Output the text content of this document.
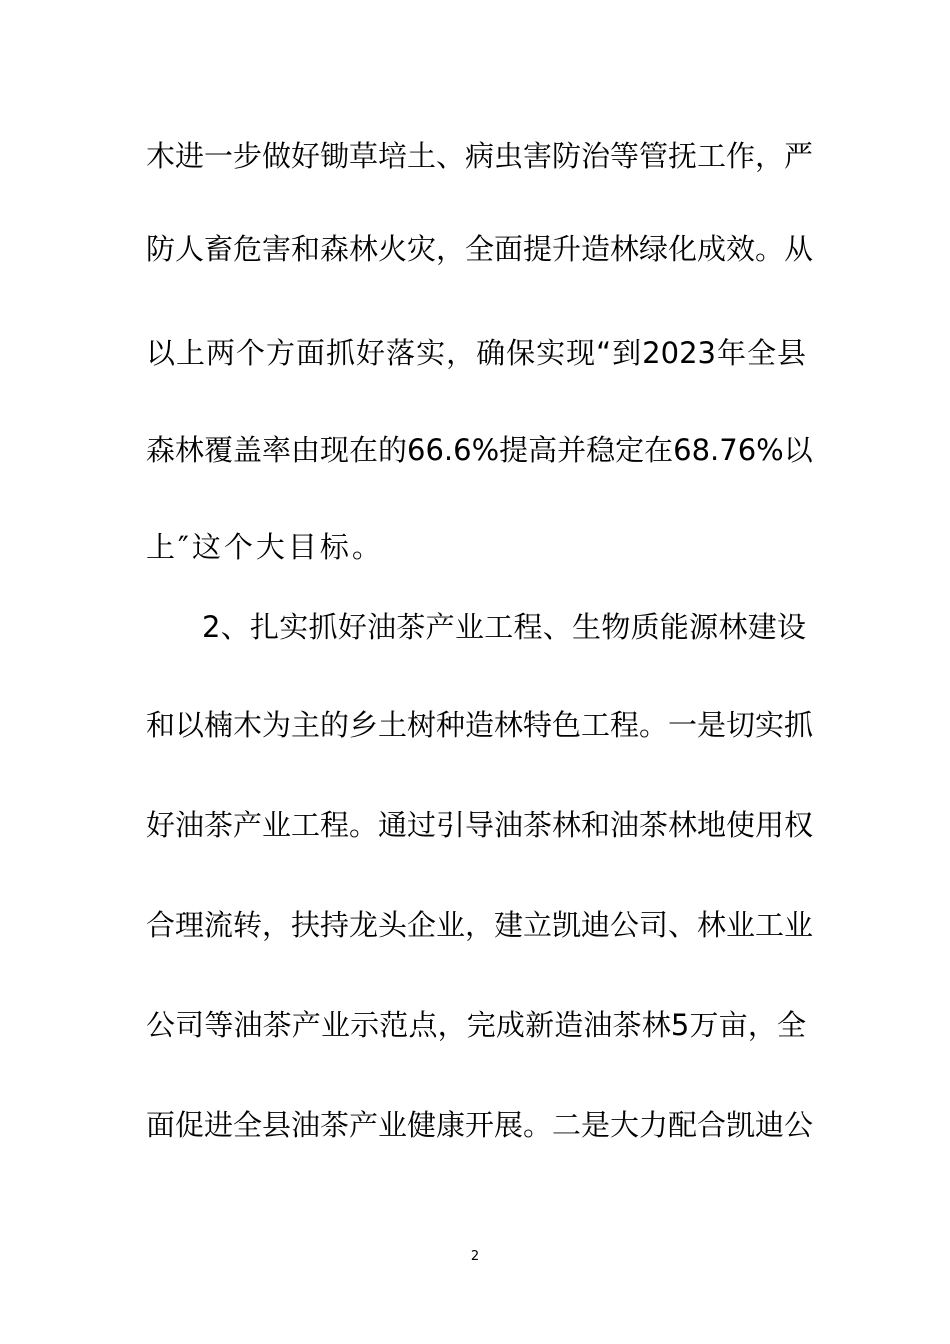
木进一步做好锄草培土、病虫害防治等管抚工作，严
防人畜危害和森林火灾，全面提升造林绿化成效。从
以上两个方面抓好落实，确保实现“到2023年全县
森林覆盖率由现在的66.6%提高并稳定在68.76%以
上″这个大目标。
2、扎实抓好油茶产业工程、生物质能源林建设
和以楠木为主的乡土树种造林特色工程。一是切实抓
好油茶产业工程。通过引导油茶林和油茶林地使用权
合理流转，扶持龙头企业，建立凯迪公司、林业工业
公司等油茶产业示范点，完成新造油茶林5万亩，全
面促进全县油茶产业健康开展。二是大力配合凯迪公
2
